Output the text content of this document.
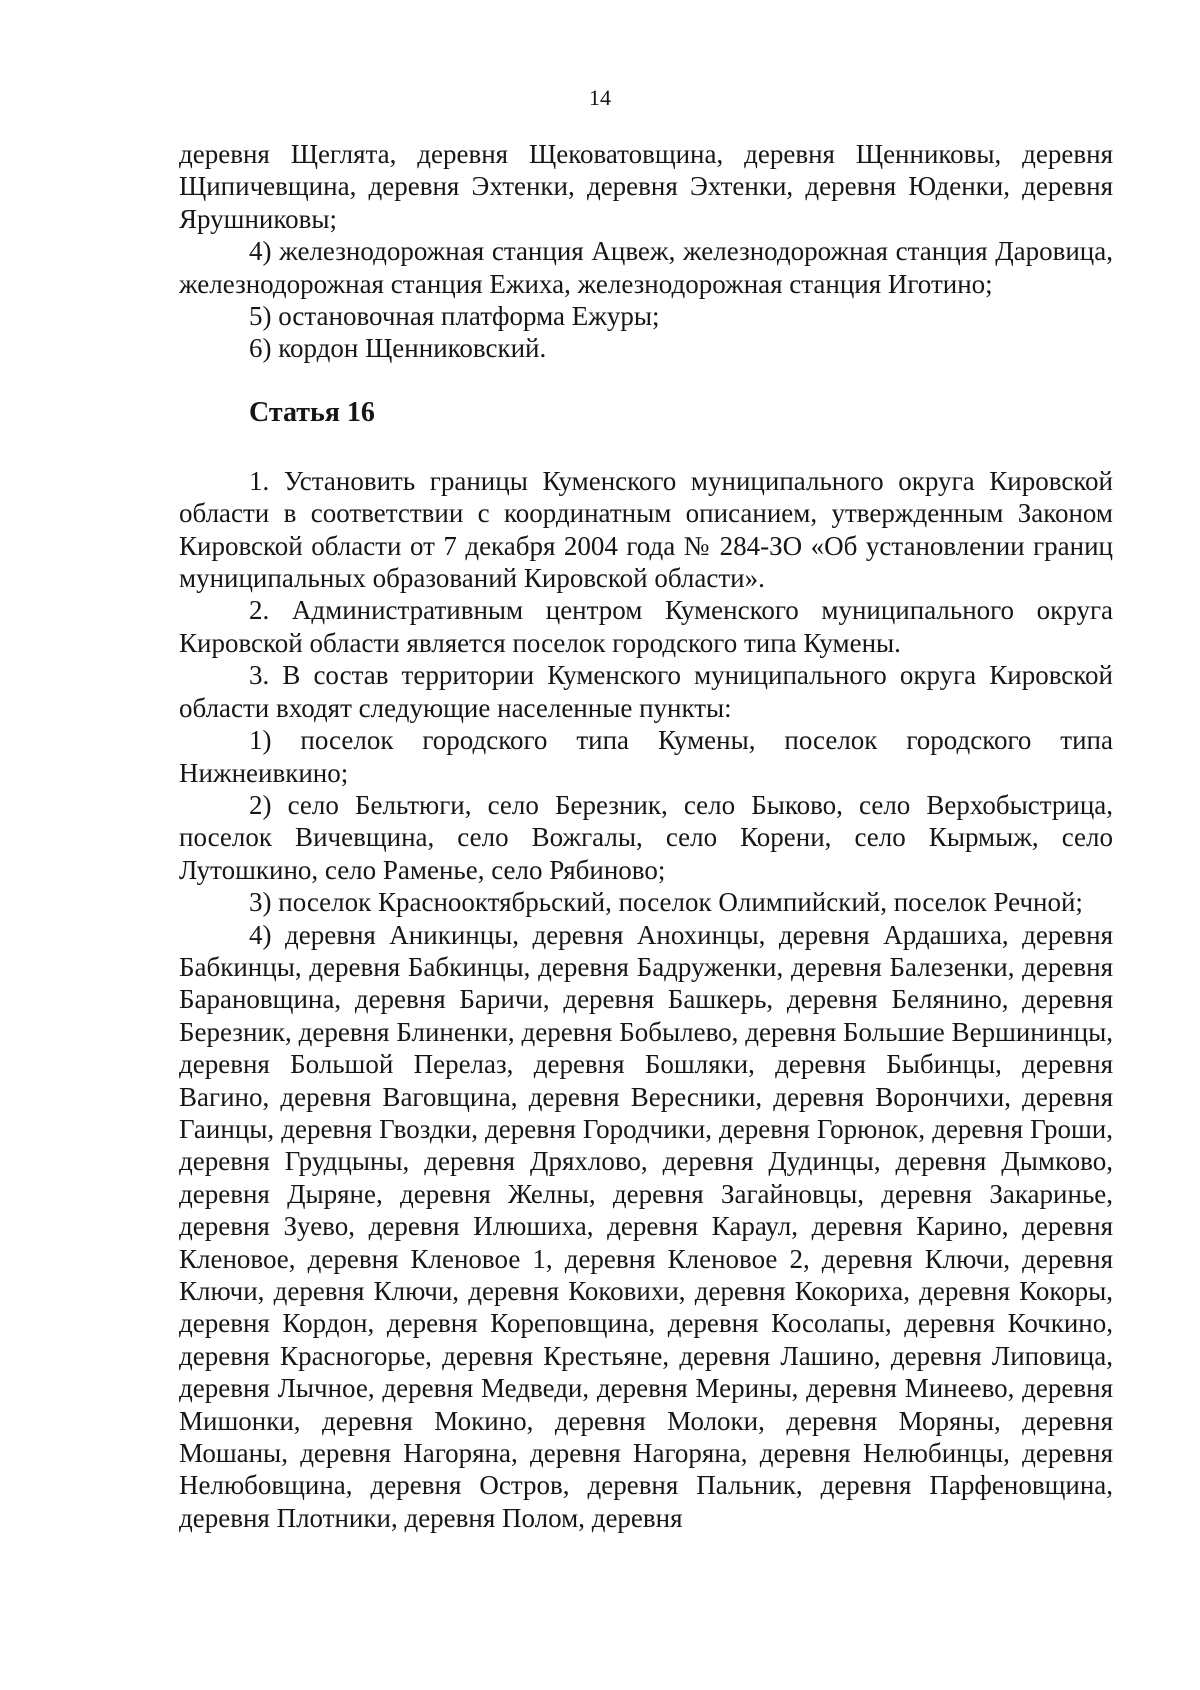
14

деревня Щеглята, деревня Щековатовщина, деревня Щенниковы, деревня Щипичевщина, деревня Эхтенки, деревня Эхтенки, деревня Юденки, деревня Ярушниковы;

4) железнодорожная станция Ацвеж, железнодорожная станция Даровица, железнодорожная станция Ежиха, железнодорожная станция Иготино;

5) остановочная платформа Ежуры;

6) кордон Щенниковский.

Статья 16

1. Установить границы Куменского муниципального округа Кировской области в соответствии с координатным описанием, утвержденным Законом Кировской области от 7 декабря 2004 года № 284-ЗО «Об установлении границ муниципальных образований Кировской области».

2. Административным центром Куменского муниципального округа Кировской области является поселок городского типа Кумены.

3. В состав территории Куменского муниципального округа Кировской области входят следующие населенные пункты:

1) поселок городского типа Кумены, поселок городского типа Нижнеивкино;

2) село Бельтюги, село Березник, село Быково, село Верхобыстрица, поселок Вичевщина, село Вожгалы, село Корени, село Кырмыж, село Лутошкино, село Раменье, село Рябиново;

3) поселок Краснооктябрьский, поселок Олимпийский, поселок Речной;

4) деревня Аникинцы, деревня Анохинцы, деревня Ардашиха, деревня Бабкинцы, деревня Бабкинцы, деревня Бадруженки, деревня Балезенки, деревня Барановщина, деревня Баричи, деревня Башкерь, деревня Белянино, деревня Березник, деревня Блиненки, деревня Бобылево, деревня Большие Вершининцы, деревня Большой Перелаз, деревня Бошляки, деревня Быбинцы, деревня Вагино, деревня Ваговщина, деревня Вересники, деревня Ворончихи, деревня Гаинцы, деревня Гвоздки, деревня Городчики, деревня Горюнок, деревня Гроши, деревня Грудцыны, деревня Дряхлово, деревня Дудинцы, деревня Дымково, деревня Дыряне, деревня Желны, деревня Загайновцы, деревня Закаринье, деревня Зуево, деревня Илюшиха, деревня Караул, деревня Карино, деревня Кленовое, деревня Кленовое 1, деревня Кленовое 2, деревня Ключи, деревня Ключи, деревня Ключи, деревня Коковихи, деревня Кокориха, деревня Кокоры, деревня Кордон, деревня Кореповщина, деревня Косолапы, деревня Кочкино, деревня Красногорье, деревня Крестьяне, деревня Лашино, деревня Липовица, деревня Лычное, деревня Медведи, деревня Мерины, деревня Минеево, деревня Мишонки, деревня Мокино, деревня Молоки, деревня Моряны, деревня Мошаны, деревня Нагоряна, деревня Нагоряна, деревня Нелюбинцы, деревня Нелюбовщина, деревня Остров, деревня Пальник, деревня Парфеновщина, деревня Плотники, деревня Полом, деревня
